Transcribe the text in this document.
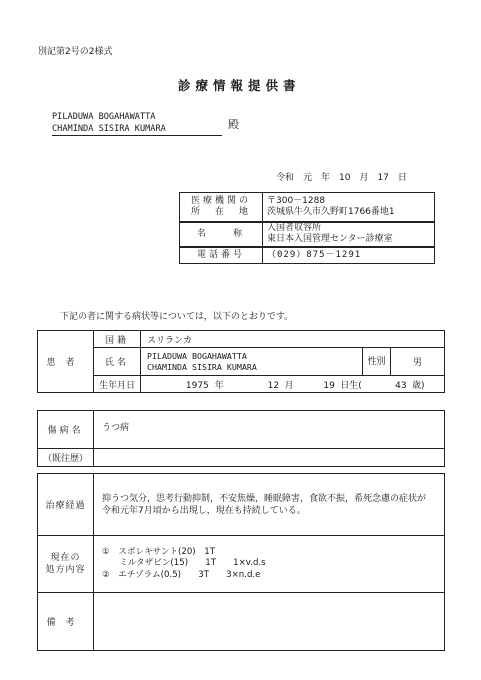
別記第2号の2様式
診療情報提供書
PILADUWA BOGAHAWATTA
CHAMINDA SISIRA KUMARA	殿
令和　元　年　10　月　17　日
医療機関の
所　在　地	〒300－1288
茨城県牛久市久野町1766番地1

名　　称	入国者収容所
東日本入国管理センター診療室

電話番号	（029）875－1291
下記の者に関する病状等については，以下のとおりです。
患者	国籍	スリランカ		
	氏名	PILADUWA BOGAHAWATTA
CHAMINDA SISIRA KUMARA	性別	男
	生年月日	1975 年 12 月 19 日生( 43 歳)		
傷病名	うつ病
（既往歴）	

治療経過	抑うつ気分，思考行動抑制，不安焦燥，睡眠障害，食欲不振，希死念慮の症状が
令和元年7月頃から出現し，現在も持続している。

現在の
処方内容	①　スボレキサント(20)　1T
　　ミルタザピン(15)　　1T　　1×v.d.s
②　エチゾラム(0.5)　　3T　　3×n.d.e

備考	
